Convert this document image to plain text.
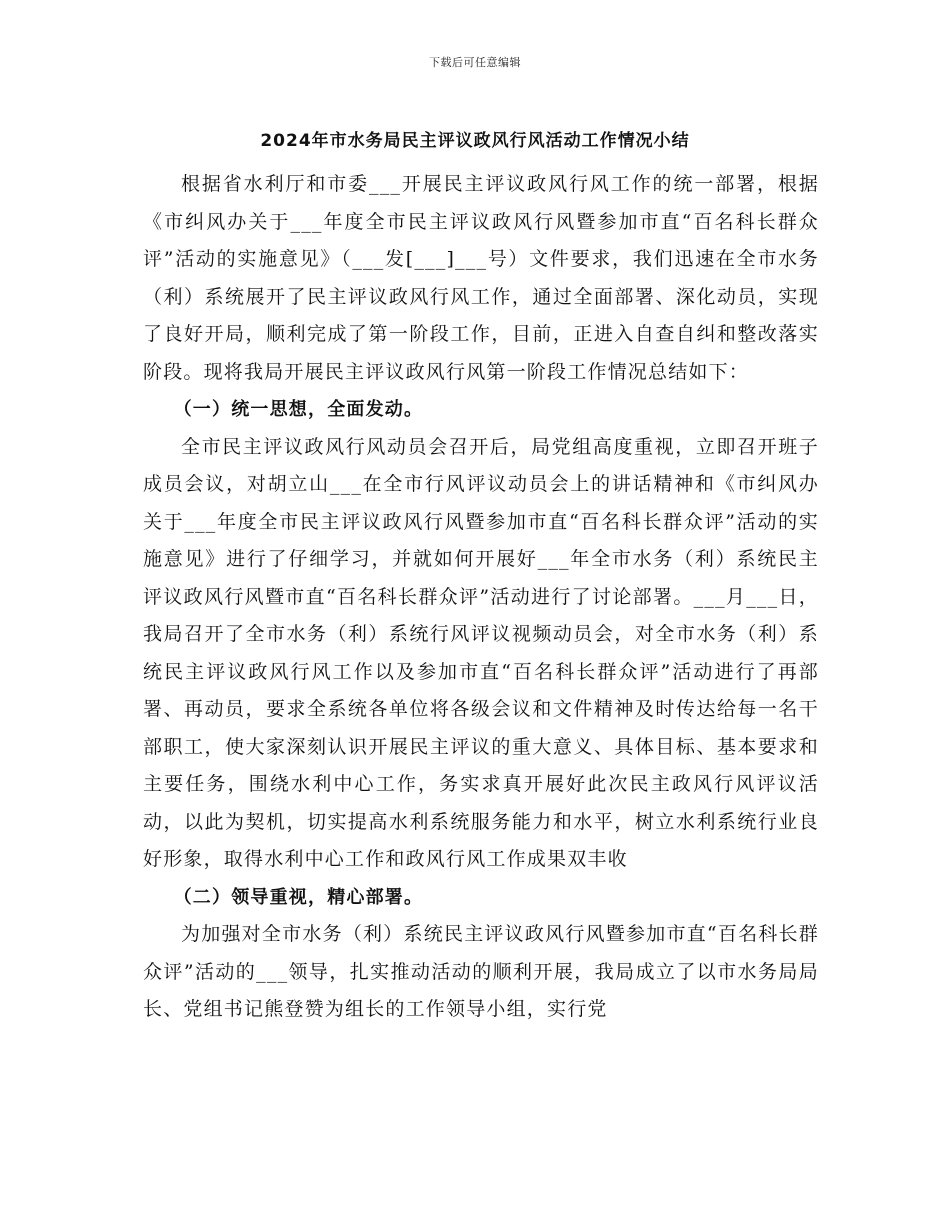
下载后可任意编辑
2024年市水务局民主评议政风行风活动工作情况小结

根据省水利厅和市委___开展民主评议政风行风工作的统一部署，根据《市纠风办关于___年度全市民主评议政风行风暨参加市直“百名科长群众评”活动的实施意见》（___发[___]___号）文件要求，我们迅速在全市水务（利）系统展开了民主评议政风行风工作，通过全面部署、深化动员，实现了良好开局，顺利完成了第一阶段工作，目前，正进入自查自纠和整改落实阶段。现将我局开展民主评议政风行风第一阶段工作情况总结如下：

（一）统一思想，全面发动。

全市民主评议政风行风动员会召开后，局党组高度重视，立即召开班子成员会议，对胡立山___在全市行风评议动员会上的讲话精神和《市纠风办关于___年度全市民主评议政风行风暨参加市直“百名科长群众评”活动的实施意见》进行了仔细学习，并就如何开展好___年全市水务（利）系统民主评议政风行风暨市直“百名科长群众评”活动进行了讨论部署。___月___日，我局召开了全市水务（利）系统行风评议视频动员会，对全市水务（利）系统民主评议政风行风工作以及参加市直“百名科长群众评”活动进行了再部署、再动员，要求全系统各单位将各级会议和文件精神及时传达给每一名干部职工，使大家深刻认识开展民主评议的重大意义、具体目标、基本要求和主要任务，围绕水利中心工作，务实求真开展好此次民主政风行风评议活动，以此为契机，切实提高水利系统服务能力和水平，树立水利系统行业良好形象，取得水利中心工作和政风行风工作成果双丰收

（二）领导重视，精心部署。

为加强对全市水务（利）系统民主评议政风行风暨参加市直“百名科长群众评”活动的___领导，扎实推动活动的顺利开展，我局成立了以市水务局局长、党组书记熊登赞为组长的工作领导小组，实行党
